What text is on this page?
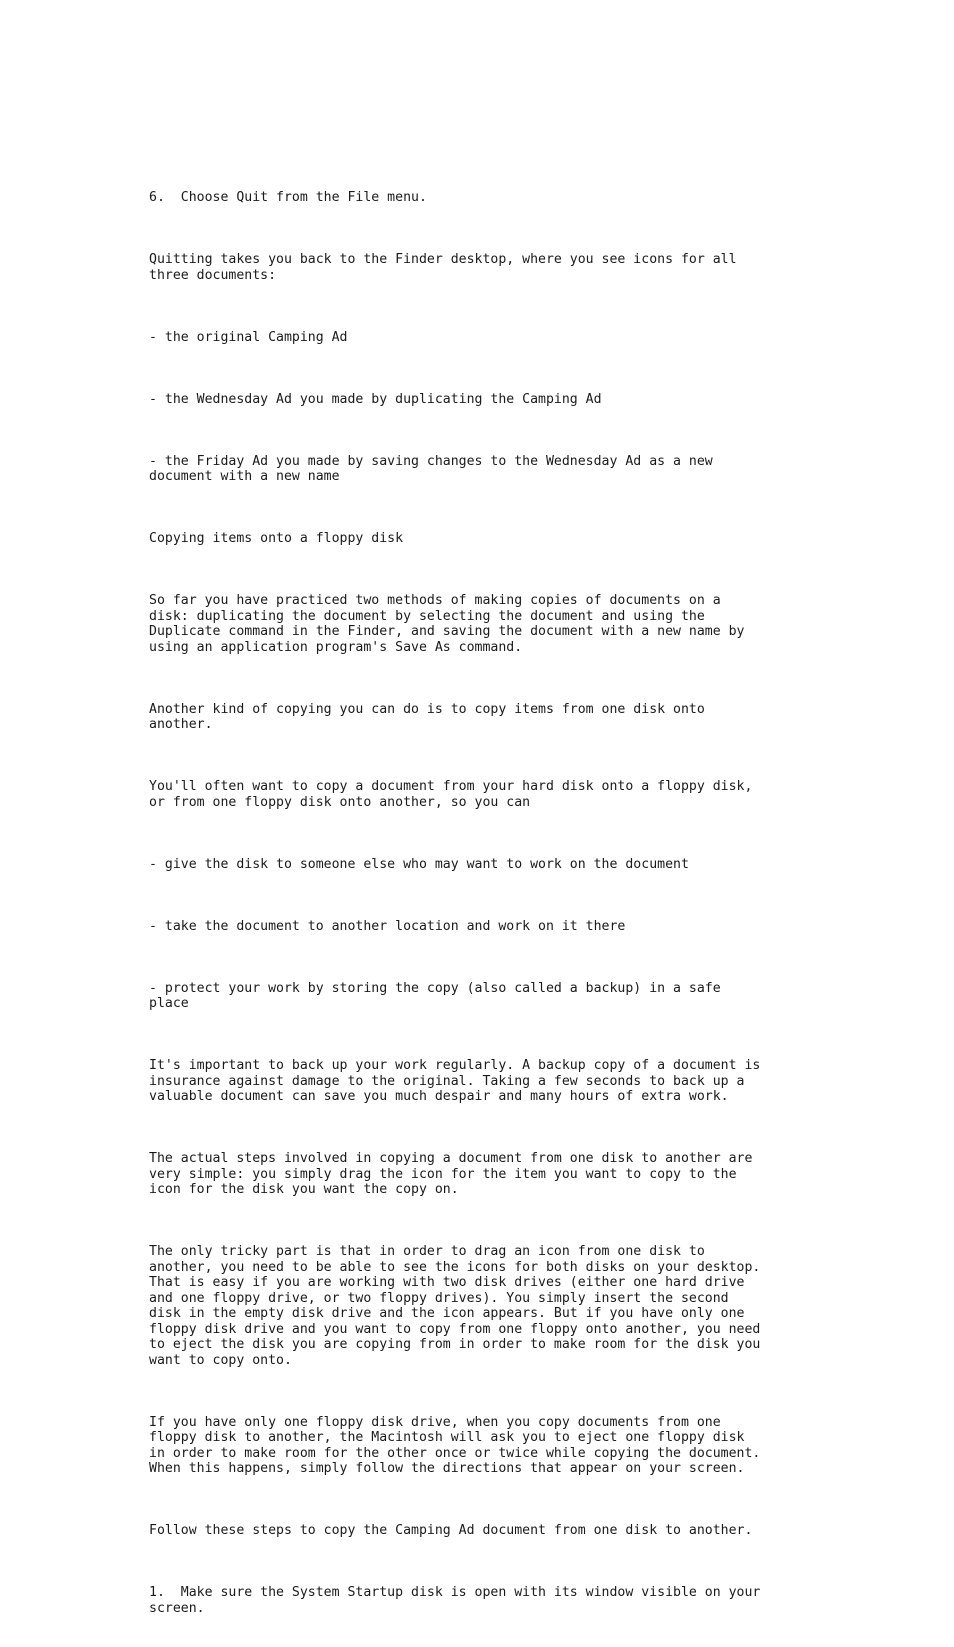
6.  Choose Quit from the File menu.

Quitting takes you back to the Finder desktop, where you see icons for all
three documents:

- the original Camping Ad

- the Wednesday Ad you made by duplicating the Camping Ad

- the Friday Ad you made by saving changes to the Wednesday Ad as a new
document with a new name

Copying items onto a floppy disk

So far you have practiced two methods of making copies of documents on a
disk: duplicating the document by selecting the document and using the
Duplicate command in the Finder, and saving the document with a new name by
using an application program's Save As command.

Another kind of copying you can do is to copy items from one disk onto
another.

You'll often want to copy a document from your hard disk onto a floppy disk,
or from one floppy disk onto another, so you can

- give the disk to someone else who may want to work on the document

- take the document to another location and work on it there

- protect your work by storing the copy (also called a backup) in a safe
place

It's important to back up your work regularly. A backup copy of a document is
insurance against damage to the original. Taking a few seconds to back up a
valuable document can save you much despair and many hours of extra work.

The actual steps involved in copying a document from one disk to another are
very simple: you simply drag the icon for the item you want to copy to the
icon for the disk you want the copy on.

The only tricky part is that in order to drag an icon from one disk to
another, you need to be able to see the icons for both disks on your desktop.
That is easy if you are working with two disk drives (either one hard drive
and one floppy drive, or two floppy drives). You simply insert the second
disk in the empty disk drive and the icon appears. But if you have only one
floppy disk drive and you want to copy from one floppy onto another, you need
to eject the disk you are copying from in order to make room for the disk you
want to copy onto.

If you have only one floppy disk drive, when you copy documents from one
floppy disk to another, the Macintosh will ask you to eject one floppy disk
in order to make room for the other once or twice while copying the document.
When this happens, simply follow the directions that appear on your screen.

Follow these steps to copy the Camping Ad document from one disk to another.

1.  Make sure the System Startup disk is open with its window visible on your
screen.
